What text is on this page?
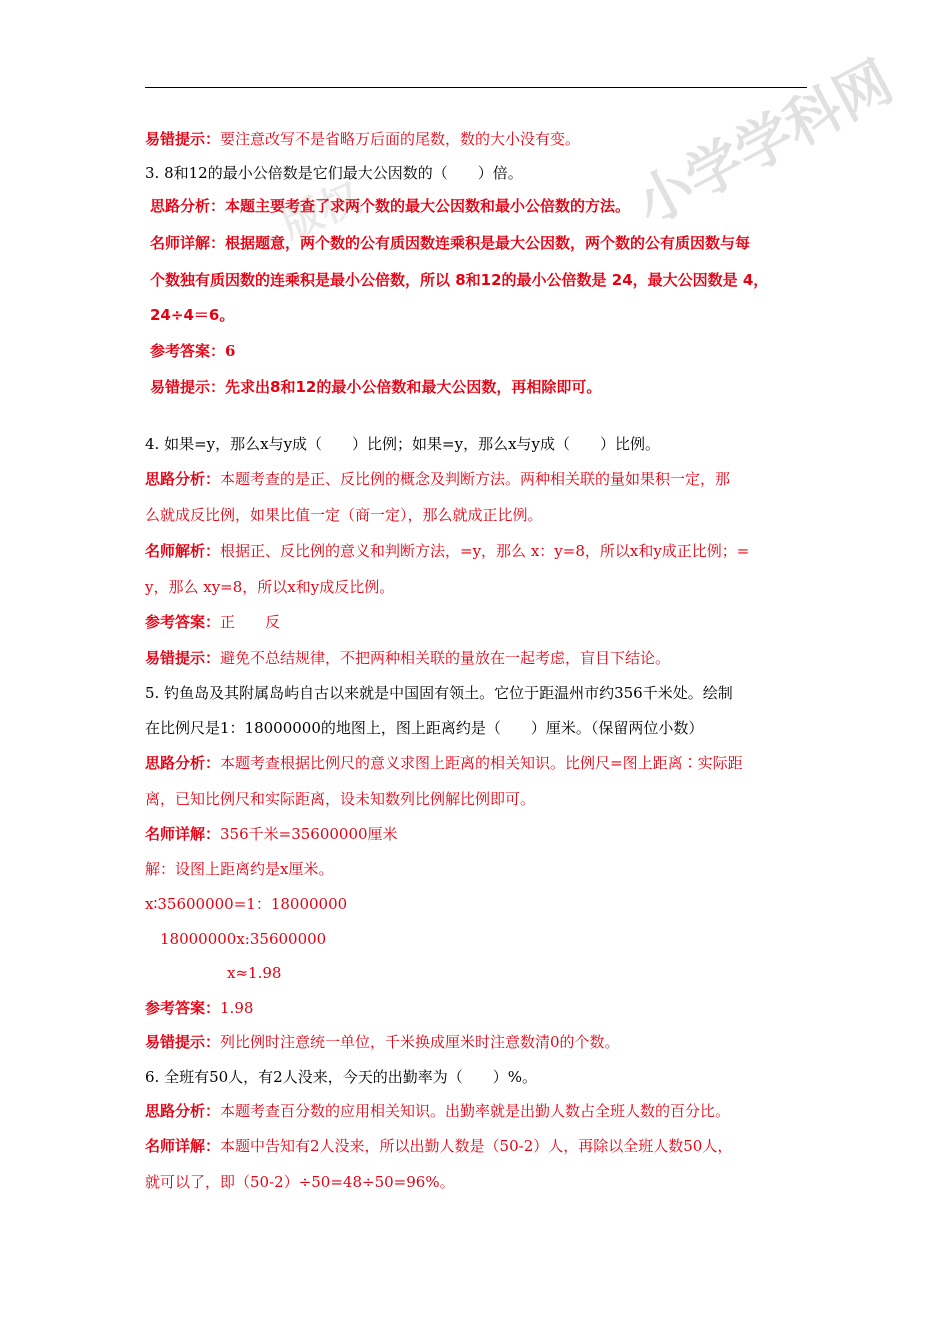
版权	小学学科网
易错提示：要注意改写不是省略万后面的尾数，数的大小没有变。
3. 8和12的最小公倍数是它们最大公因数的（　　）倍。
思路分析：本题主要考查了求两个数的最大公因数和最小公倍数的方法。
名师详解：根据题意，两个数的公有质因数连乘积是最大公因数，两个数的公有质因数与每
个数独有质因数的连乘积是最小公倍数，所以 8和12的最小公倍数是 24，最大公因数是 4，
24÷4＝6。
参考答案：6
易错提示：先求出8和12的最小公倍数和最大公因数，再相除即可。
4. 如果=y，那么x与y成（　　）比例；如果=y，那么x与y成（　　）比例。
思路分析：本题考查的是正、反比例的概念及判断方法。两种相关联的量如果积一定，那
么就成反比例，如果比值一定（商一定），那么就成正比例。
名师解析：根据正、反比例的意义和判断方法，=y，那么 x：y=8，所以x和y成正比例；=
y，那么 xy=8，所以x和y成反比例。
参考答案：正　　反
易错提示：避免不总结规律，不把两种相关联的量放在一起考虑，盲目下结论。
5. 钓鱼岛及其附属岛屿自古以来就是中国固有领土。它位于距温州市约356千米处。绘制
在比例尺是1：18000000的地图上，图上距离约是（　　）厘米。（保留两位小数）
思路分析：本题考查根据比例尺的意义求图上距离的相关知识。比例尺=图上距离∶实际距
离，已知比例尺和实际距离，设未知数列比例解比例即可。
名师详解：356千米=35600000厘米
解：设图上距离约是x厘米。
x∶35600000=1：18000000
18000000x:35600000
x≈1.98
参考答案：1.98
易错提示：列比例时注意统一单位，千米换成厘米时注意数清0的个数。
6. 全班有50人，有2人没来，今天的出勤率为（　　）%。
思路分析：本题考查百分数的应用相关知识。出勤率就是出勤人数占全班人数的百分比。
名师详解：本题中告知有2人没来，所以出勤人数是（50-2）人，再除以全班人数50人，
就可以了，即（50-2）÷50=48÷50=96%。
